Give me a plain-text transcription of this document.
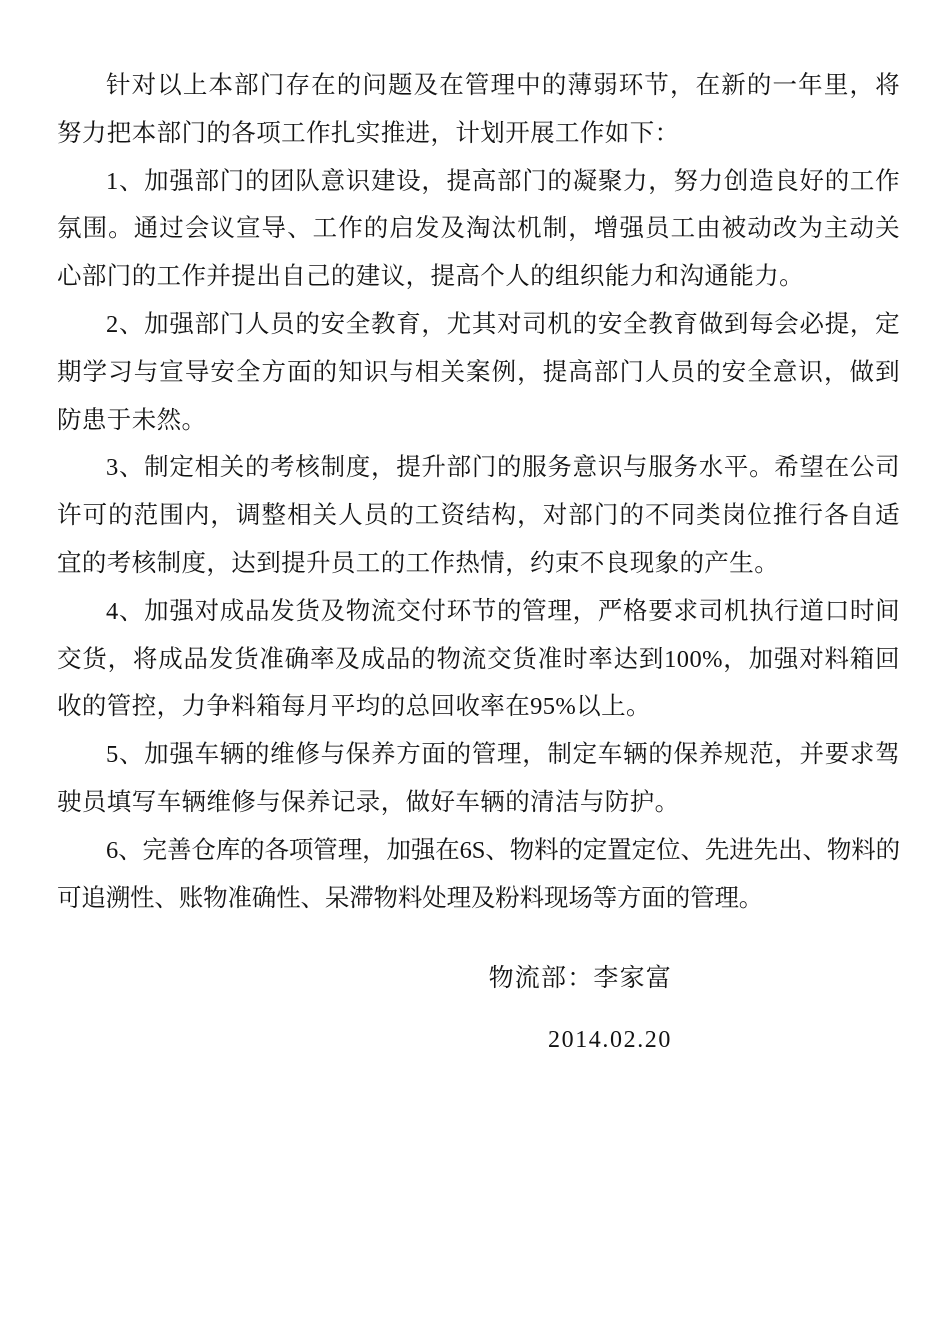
针对以上本部门存在的问题及在管理中的薄弱环节，在新的一年里，将努力把本部门的各项工作扎实推进，计划开展工作如下：

1、加强部门的团队意识建设，提高部门的凝聚力，努力创造良好的工作氛围。通过会议宣导、工作的启发及淘汰机制，增强员工由被动改为主动关心部门的工作并提出自己的建议，提高个人的组织能力和沟通能力。

2、加强部门人员的安全教育，尤其对司机的安全教育做到每会必提，定期学习与宣导安全方面的知识与相关案例，提高部门人员的安全意识，做到防患于未然。

3、制定相关的考核制度，提升部门的服务意识与服务水平。希望在公司许可的范围内，调整相关人员的工资结构，对部门的不同类岗位推行各自适宜的考核制度，达到提升员工的工作热情，约束不良现象的产生。

4、加强对成品发货及物流交付环节的管理，严格要求司机执行道口时间交货，将成品发货准确率及成品的物流交货准时率达到100%，加强对料箱回收的管控，力争料箱每月平均的总回收率在95%以上。

5、加强车辆的维修与保养方面的管理，制定车辆的保养规范，并要求驾驶员填写车辆维修与保养记录，做好车辆的清洁与防护。

6、完善仓库的各项管理，加强在6S、物料的定置定位、先进先出、物料的可追溯性、账物准确性、呆滞物料处理及粉料现场等方面的管理。

物流部：李家富

2014.02.20
